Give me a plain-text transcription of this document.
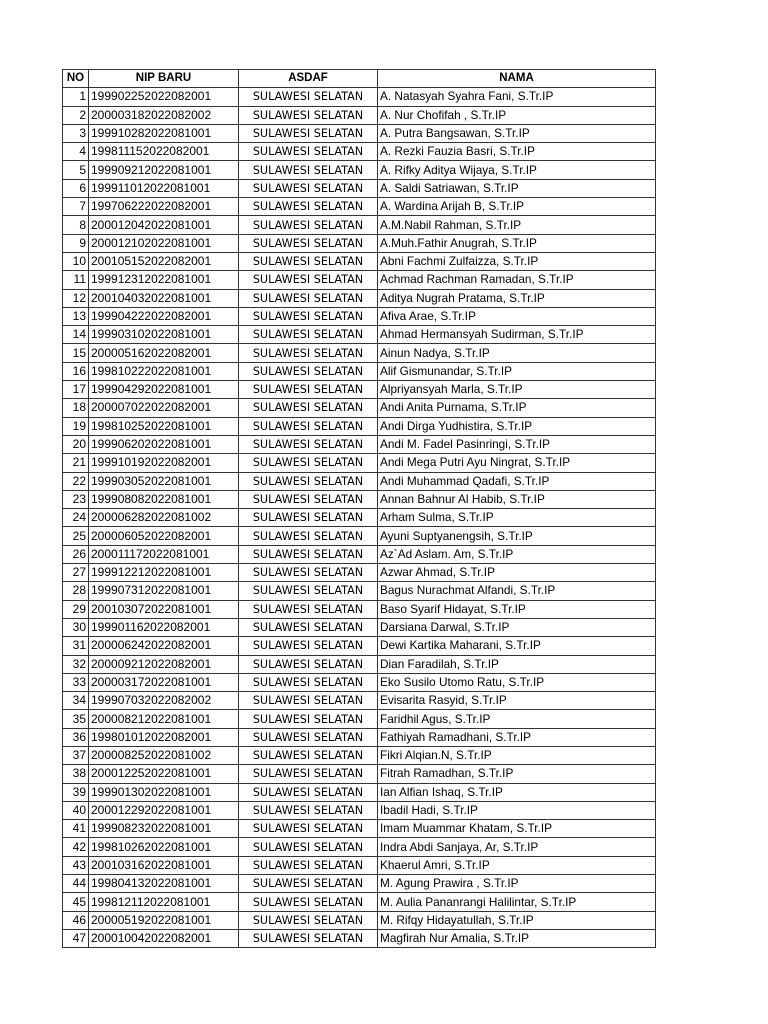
NO	NIP BARU	ASDAF	NAMA
1	199902252022082001	SULAWESI SELATAN	A. Natasyah Syahra Fani, S.Tr.IP
2	200003182022082002	SULAWESI SELATAN	A. Nur Chofifah , S.Tr.IP
3	199910282022081001	SULAWESI SELATAN	A. Putra Bangsawan, S.Tr.IP
4	199811152022082001	SULAWESI SELATAN	A. Rezki Fauzia Basri, S.Tr.IP
5	199909212022081001	SULAWESI SELATAN	A. Rifky Aditya Wijaya, S.Tr.IP
6	199911012022081001	SULAWESI SELATAN	A. Saldi Satriawan, S.Tr.IP
7	199706222022082001	SULAWESI SELATAN	A. Wardina Arijah B, S.Tr.IP
8	200012042022081001	SULAWESI SELATAN	A.M.Nabil Rahman, S.Tr.IP
9	200012102022081001	SULAWESI SELATAN	A.Muh.Fathir Anugrah, S.Tr.IP
10	200105152022082001	SULAWESI SELATAN	Abni Fachmi Zulfaizza, S.Tr.IP
11	199912312022081001	SULAWESI SELATAN	Achmad Rachman Ramadan, S.Tr.IP
12	200104032022081001	SULAWESI SELATAN	Aditya Nugrah Pratama, S.Tr.IP
13	199904222022082001	SULAWESI SELATAN	Afiva Arae, S.Tr.IP
14	199903102022081001	SULAWESI SELATAN	Ahmad Hermansyah Sudirman, S.Tr.IP
15	200005162022082001	SULAWESI SELATAN	Ainun Nadya, S.Tr.IP
16	199810222022081001	SULAWESI SELATAN	Alif Gismunandar, S.Tr.IP
17	199904292022081001	SULAWESI SELATAN	Alpriyansyah Marla, S.Tr.IP
18	200007022022082001	SULAWESI SELATAN	Andi Anita Purnama, S.Tr.IP
19	199810252022081001	SULAWESI SELATAN	Andi Dirga Yudhistira, S.Tr.IP
20	199906202022081001	SULAWESI SELATAN	Andi M. Fadel Pasinringi, S.Tr.IP
21	199910192022082001	SULAWESI SELATAN	Andi Mega Putri Ayu Ningrat, S.Tr.IP
22	199903052022081001	SULAWESI SELATAN	Andi Muhammad Qadafi, S.Tr.IP
23	199908082022081001	SULAWESI SELATAN	Annan Bahnur Al Habib, S.Tr.IP
24	200006282022081002	SULAWESI SELATAN	Arham Sulma, S.Tr.IP
25	200006052022082001	SULAWESI SELATAN	Ayuni Suptyanengsih, S.Tr.IP
26	200011172022081001	SULAWESI SELATAN	Az`Ad Aslam. Am, S.Tr.IP
27	199912212022081001	SULAWESI SELATAN	Azwar Ahmad, S.Tr.IP
28	199907312022081001	SULAWESI SELATAN	Bagus Nurachmat Alfandi, S.Tr.IP
29	200103072022081001	SULAWESI SELATAN	Baso Syarif Hidayat, S.Tr.IP
30	199901162022082001	SULAWESI SELATAN	Darsiana Darwal, S.Tr.IP
31	200006242022082001	SULAWESI SELATAN	Dewi Kartika Maharani, S.Tr.IP
32	200009212022082001	SULAWESI SELATAN	Dian Faradilah, S.Tr.IP
33	200003172022081001	SULAWESI SELATAN	Eko Susilo Utomo Ratu, S.Tr.IP
34	199907032022082002	SULAWESI SELATAN	Evisarita Rasyid, S.Tr.IP
35	200008212022081001	SULAWESI SELATAN	Faridhil Agus, S.Tr.IP
36	199801012022082001	SULAWESI SELATAN	Fathiyah Ramadhani, S.Tr.IP
37	200008252022081002	SULAWESI SELATAN	Fikri Alqian.N, S.Tr.IP
38	200012252022081001	SULAWESI SELATAN	Fitrah Ramadhan, S.Tr.IP
39	199901302022081001	SULAWESI SELATAN	Ian Alfian Ishaq, S.Tr.IP
40	200012292022081001	SULAWESI SELATAN	Ibadil Hadi, S.Tr.IP
41	199908232022081001	SULAWESI SELATAN	Imam Muammar Khatam, S.Tr.IP
42	199810262022081001	SULAWESI SELATAN	Indra Abdi Sanjaya, Ar, S.Tr.IP
43	200103162022081001	SULAWESI SELATAN	Khaerul Amri, S.Tr.IP
44	199804132022081001	SULAWESI SELATAN	M. Agung Prawira , S.Tr.IP
45	199812112022081001	SULAWESI SELATAN	M. Aulia Pananrangi Halilintar, S.Tr.IP
46	200005192022081001	SULAWESI SELATAN	M. Rifqy Hidayatullah, S.Tr.IP
47	200010042022082001	SULAWESI SELATAN	Magfirah Nur Amalia, S.Tr.IP
